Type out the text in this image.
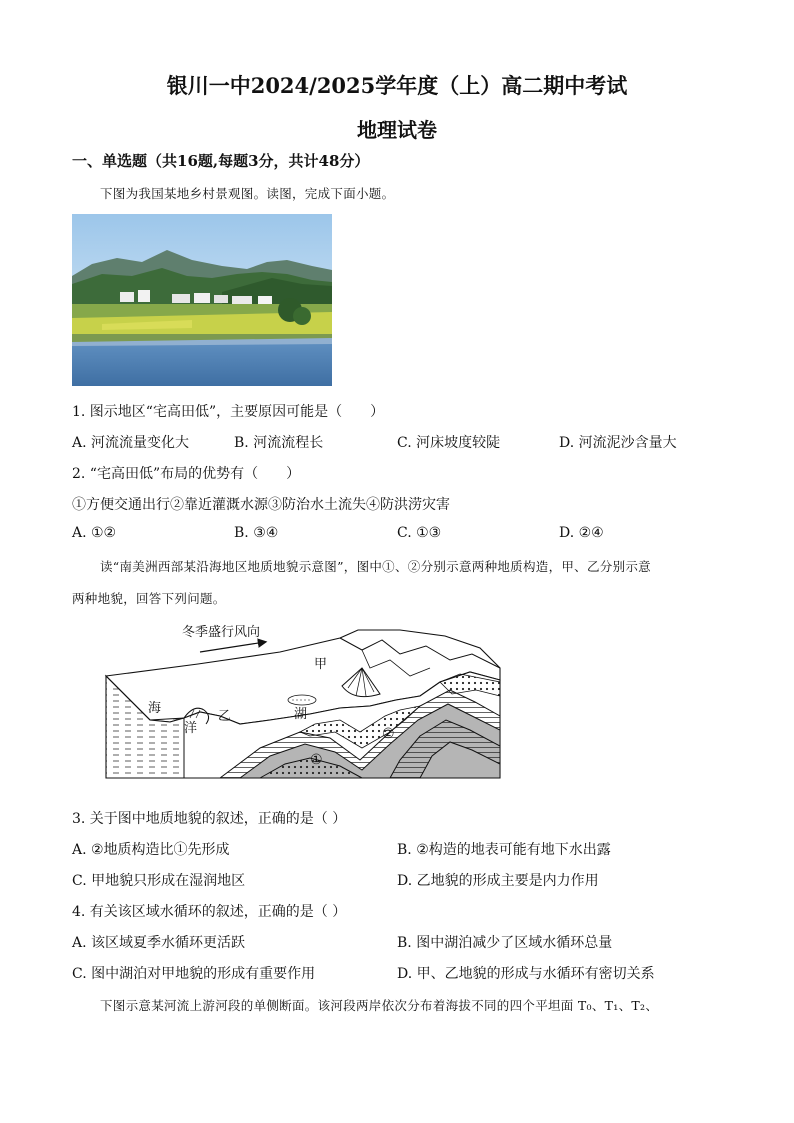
银川一中2024/2025学年度（上）高二期中考试
地理试卷
一、单选题（共16题,每题3分，共计48分）
下图为我国某地乡村景观图。读图，完成下面小题。
1. 图示地区“宅高田低”，主要原因可能是（　　）
A. 河流流量变化大	B. 河流流程长	C. 河床坡度较陡	D. 河流泥沙含量大
2. “宅高田低”布局的优势有（　　）
①方便交通出行②靠近灌溉水源③防治水土流失④防洪涝灾害
A. ①②	B. ③④	C. ①③	D. ②④
读“南美洲西部某沿海地区地质地貌示意图”，图中①、②分别示意两种地质构造，甲、乙分别示意
两种地貌，回答下列问题。
冬季盛行风向
甲
乙
海
洋
湖
①
②
3. 关于图中地质地貌的叙述，正确的是（ ）
A. ②地质构造比①先形成	B. ②构造的地表可能有地下水出露
C. 甲地貌只形成在湿润地区	D. 乙地貌的形成主要是内力作用
4. 有关该区域水循环的叙述，正确的是（ ）
A. 该区域夏季水循环更活跃	B. 图中湖泊减少了区域水循环总量
C. 图中湖泊对甲地貌的形成有重要作用	D. 甲、乙地貌的形成与水循环有密切关系
下图示意某河流上游河段的单侧断面。该河段两岸依次分布着海拔不同的四个平坦面 T₀、T₁、T₂、
